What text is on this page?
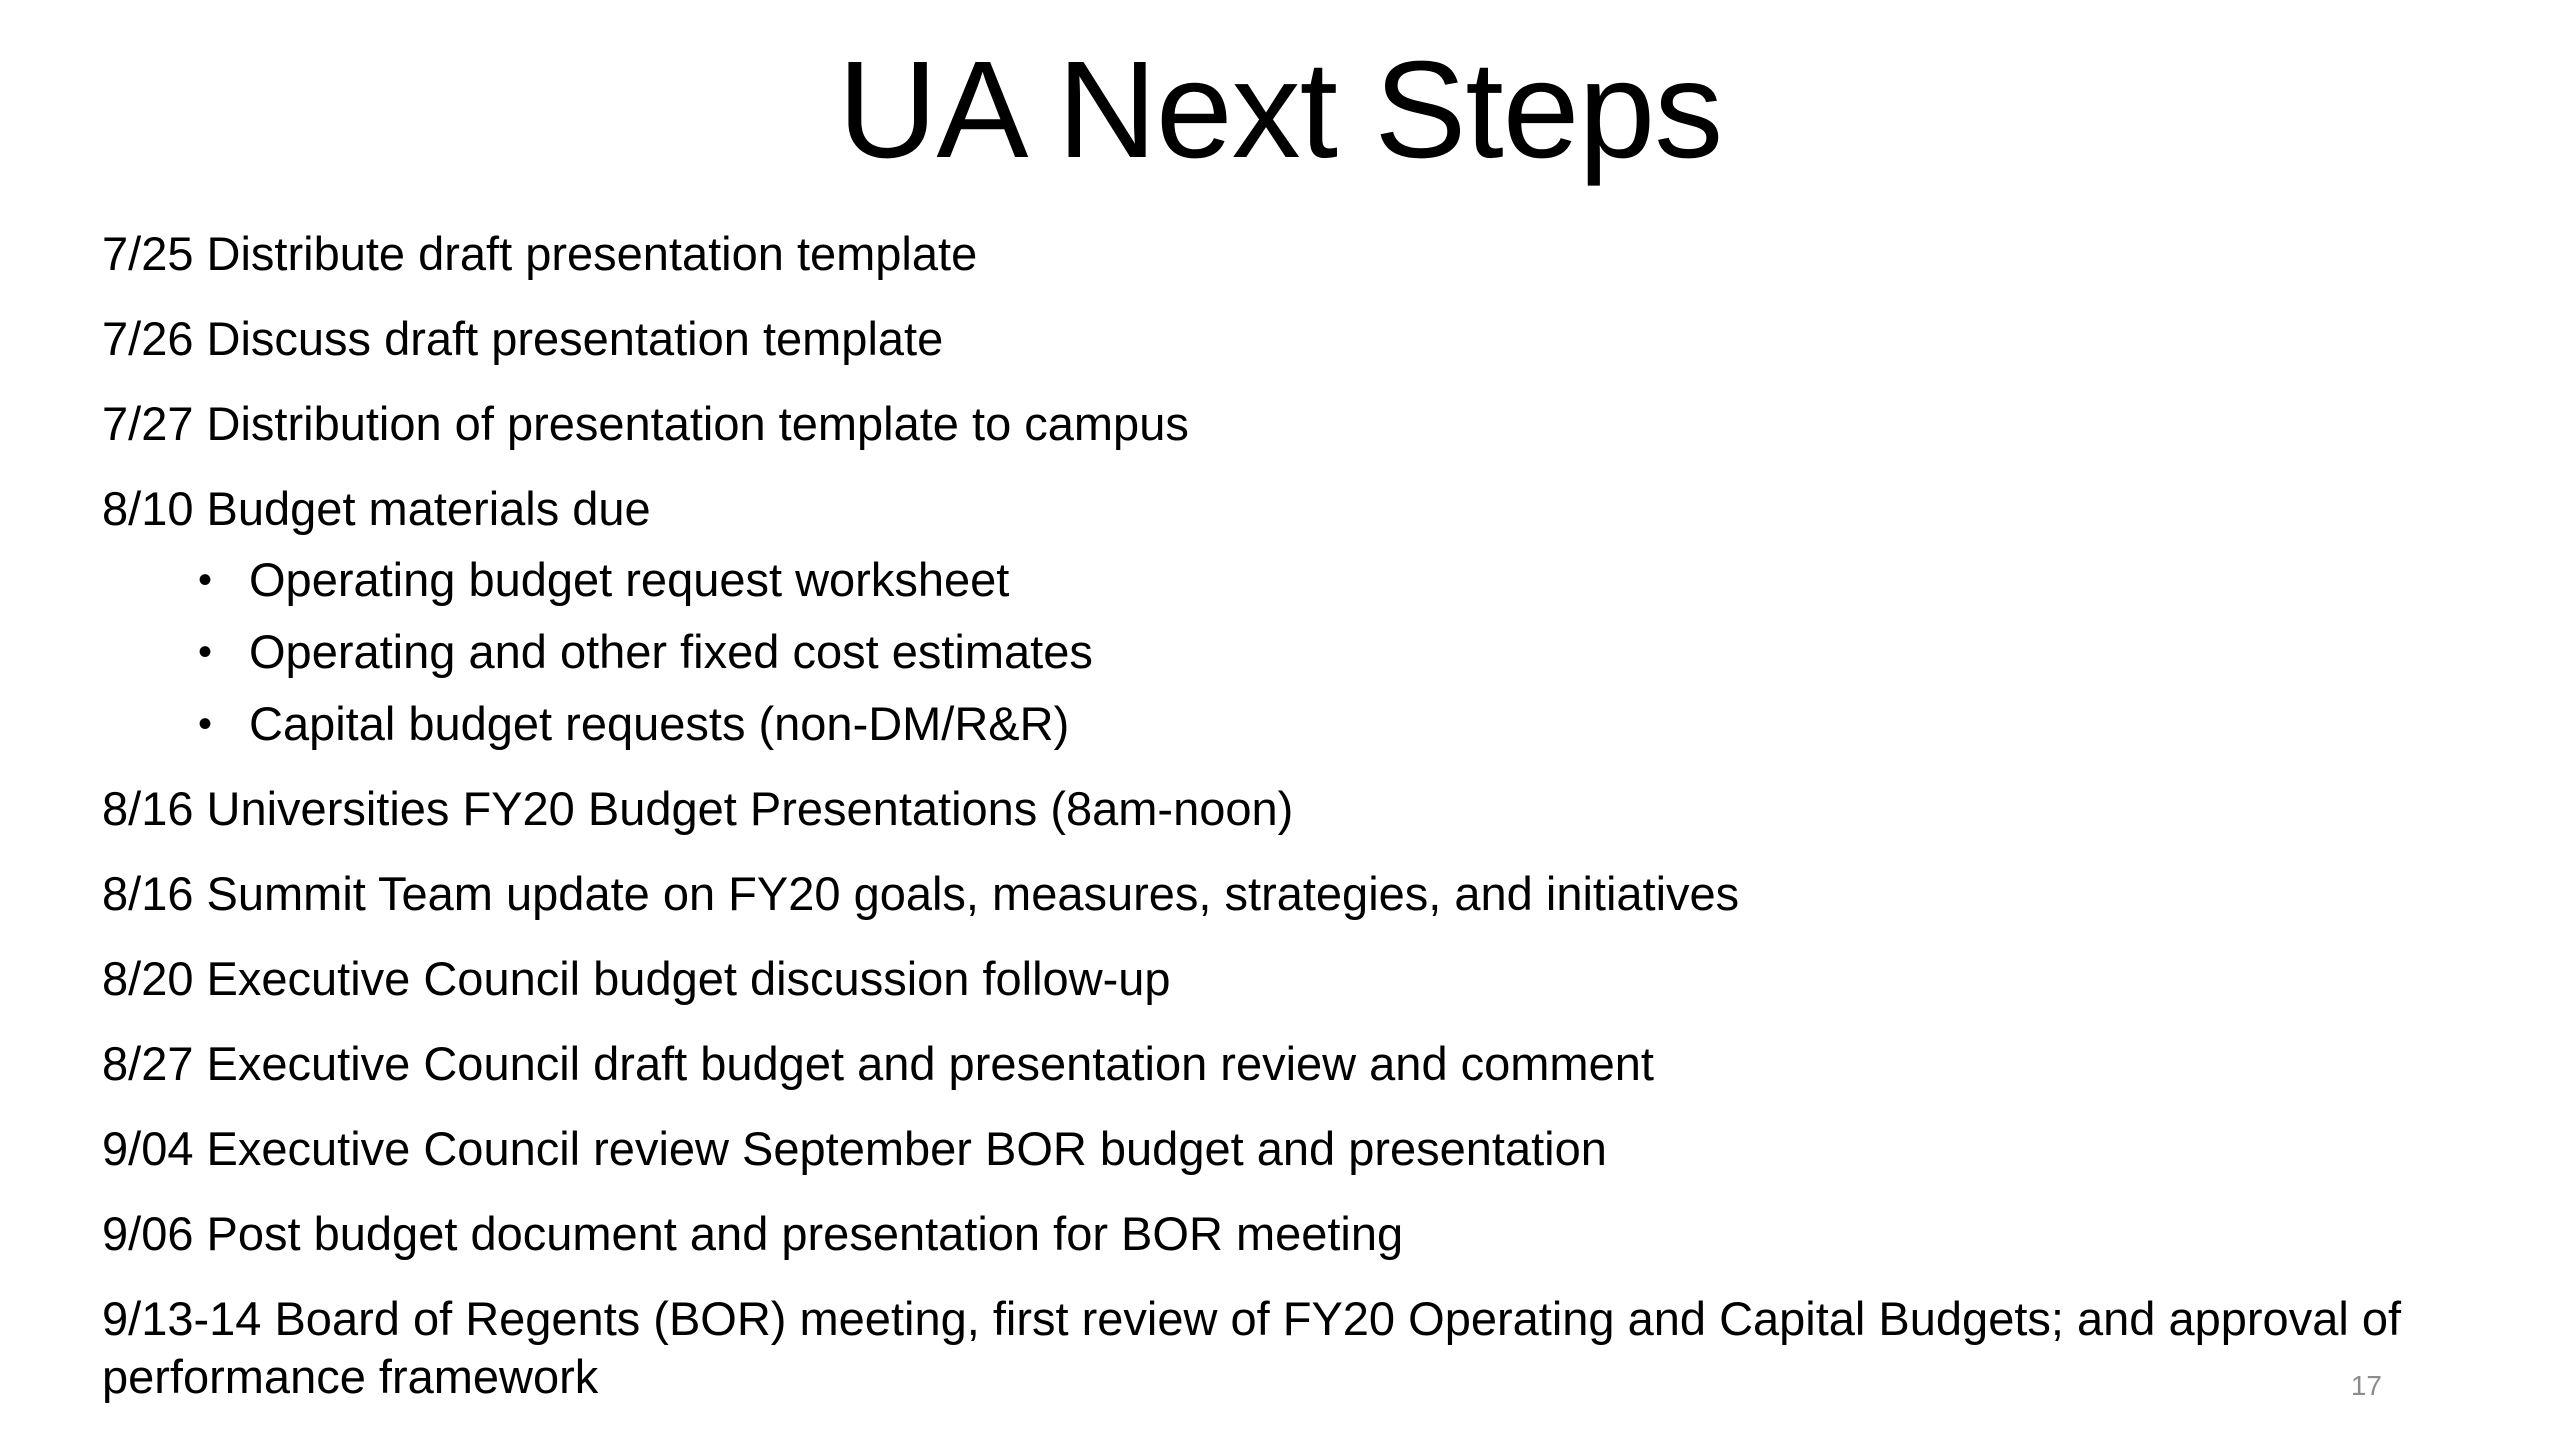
UA Next Steps
7/25 Distribute draft presentation template
7/26 Discuss draft presentation template
7/27 Distribution of presentation template to campus
8/10 Budget materials due
• Operating budget request worksheet
• Operating and other fixed cost estimates
• Capital budget requests (non-DM/R&R)
8/16 Universities FY20 Budget Presentations (8am-noon)
8/16 Summit Team update on FY20 goals, measures, strategies, and initiatives
8/20 Executive Council budget discussion follow-up
8/27 Executive Council draft budget and presentation review and comment
9/04 Executive Council review September BOR budget and presentation
9/06 Post budget document and presentation for BOR meeting
9/13-14 Board of Regents (BOR) meeting, first review of FY20 Operating and Capital Budgets; and approval of performance framework	17
